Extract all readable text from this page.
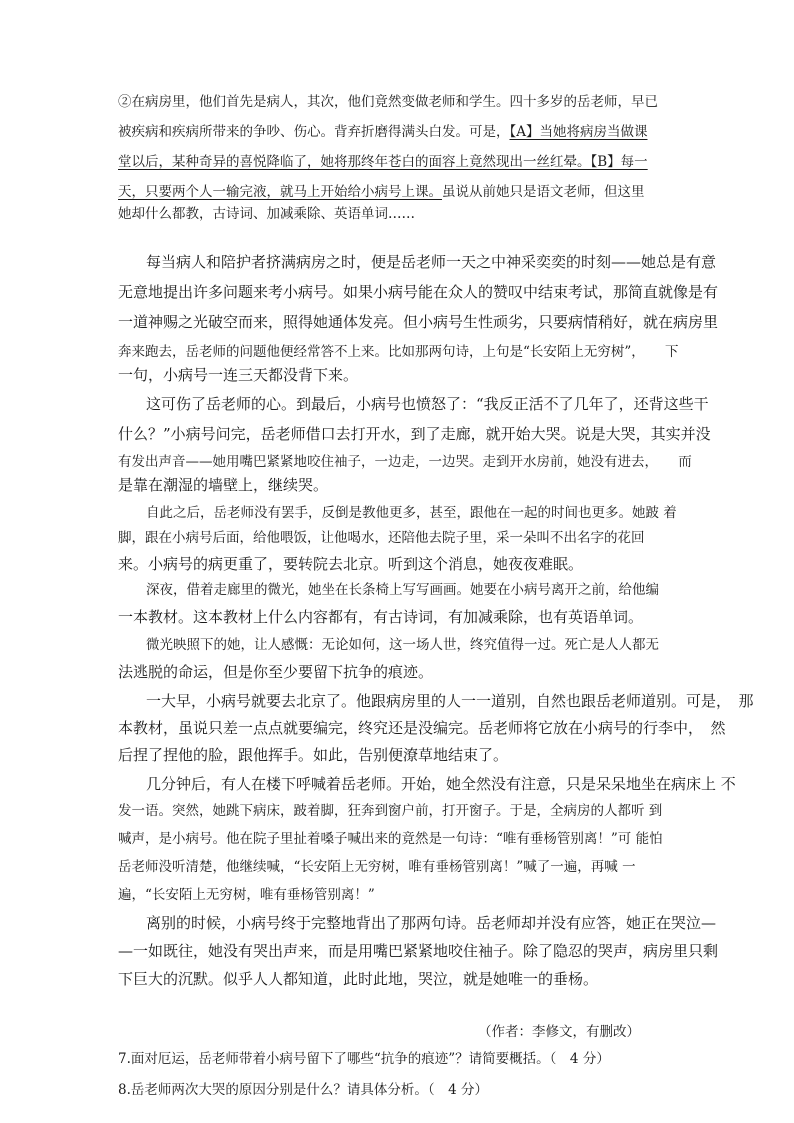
②在病房里，他们首先是病人，其次，他们竟然变做老师和学生。四十多岁的岳老师，早已
被疾病和疾病所带来的争吵、伤心。背弃折磨得满头白发。可是，【A】当她将病房当做课
堂以后，某种奇异的喜悦降临了，她将那终年苍白的面容上竟然现出一丝红晕。【B】每一
天，只要两个人一输完液，就马上开始给小病号上课。虽说从前她只是语文老师，但这里
她却什么都教，古诗词、加减乘除、英语单词……
每当病人和陪护者挤满病房之时，便是岳老师一天之中神采奕奕的时刻——她总是有意
无意地提出许多问题来考小病号。如果小病号能在众人的赞叹中结束考试，那简直就像是有
一道神赐之光破空而来，照得她通体发亮。但小病号生性顽劣，只要病情稍好，就在病房里
奔来跑去，岳老师的问题他便经常答不上来。比如那两句诗，上句是“长安陌上无穷树”，　　下
一句，小病号一连三天都没背下来。
这可伤了岳老师的心。到最后，小病号也愤怒了：“我反正活不了几年了，还背这些干
什么？”小病号问完，岳老师借口去打开水，到了走廊，就开始大哭。说是大哭，其实并没
有发出声音——她用嘴巴紧紧地咬住袖子，一边走，一边哭。走到开水房前，她没有进去，　　而
是靠在潮湿的墙壁上，继续哭。
自此之后，岳老师没有罢手，反倒是教他更多，甚至，跟他在一起的时间也更多。她跛 着
脚，跟在小病号后面，给他喂饭，让他喝水，还陪他去院子里，采一朵叫不出名字的花回
来。小病号的病更重了，要转院去北京。听到这个消息，她夜夜难眠。
深夜，借着走廊里的微光，她坐在长条椅上写写画画。她要在小病号离开之前，给他编
一本教材。这本教材上什么内容都有，有古诗词，有加减乘除，也有英语单词。
微光映照下的她，让人感慨：无论如何，这一场人世，终究值得一过。死亡是人人都无
法逃脱的命运，但是你至少要留下抗争的痕迹。
一大早，小病号就要去北京了。他跟病房里的人一一道别，自然也跟岳老师道别。可是，　那
本教材，虽说只差一点点就要编完，终究还是没编完。岳老师将它放在小病号的行李中，　然
后捏了捏他的脸，跟他挥手。如此，告别便潦草地结束了。
几分钟后，有人在楼下呼喊着岳老师。开始，她全然没有注意，只是呆呆地坐在病床上 不
发一语。突然，她跳下病床，跛着脚，狂奔到窗户前，打开窗子。于是，全病房的人都听 到
喊声，是小病号。他在院子里扯着嗓子喊出来的竟然是一句诗：“唯有垂杨管别离！”可 能怕
岳老师没听清楚，他继续喊，“长安陌上无穷树，唯有垂杨管别离！”喊了一遍，再喊 一
遍，“长安陌上无穷树，唯有垂杨管别离！”
离别的时候，小病号终于完整地背出了那两句诗。岳老师却并没有应答，她正在哭泣—
—一如既往，她没有哭出声来，而是用嘴巴紧紧地咬住袖子。除了隐忍的哭声，病房里只剩
下巨大的沉默。似乎人人都知道，此时此地，哭泣，就是她唯一的垂杨。
（作者：李修文，有删改）
7.面对厄运，岳老师带着小病号留下了哪些“抗争的痕迹”？请简要概括。（　4 分）
8.岳老师两次大哭的原因分别是什么？请具体分析。（　4 分）
